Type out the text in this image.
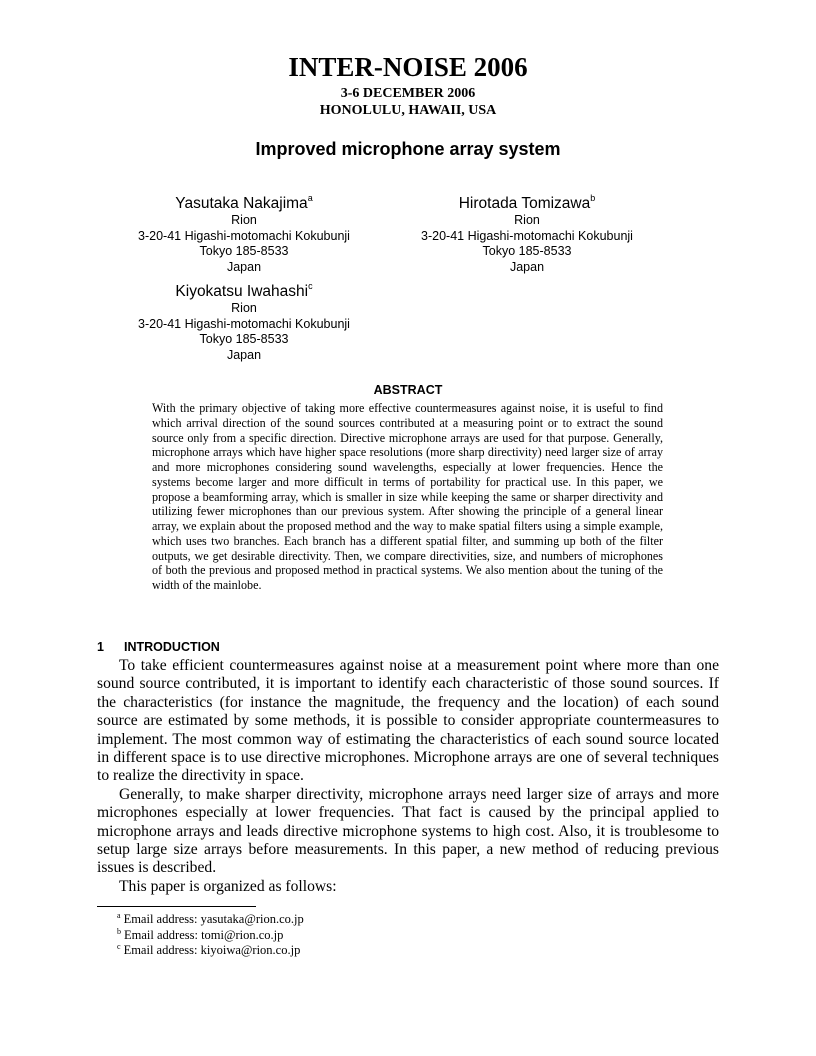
INTER-NOISE 2006
3-6 DECEMBER 2006
HONOLULU, HAWAII, USA
Improved microphone array system
Yasutaka Nakajima$^a$
Rion
3-20-41 Higashi-motomachi Kokubunji
Tokyo 185-8533
Japan
Hirotada Tomizawa$^b$
Rion
3-20-41 Higashi-motomachi Kokubunji
Tokyo 185-8533
Japan
Kiyokatsu Iwahashi$^c$
Rion
3-20-41 Higashi-motomachi Kokubunji
Tokyo 185-8533
Japan
ABSTRACT
With the primary objective of taking more effective countermeasures against noise, it is useful to find which arrival direction of the sound sources contributed at a measuring point or to extract the sound source only from a specific direction. Directive microphone arrays are used for that purpose. Generally, microphone arrays which have higher space resolutions (more sharp directivity) need larger size of array and more microphones considering sound wavelengths, especially at lower frequencies. Hence the systems become larger and more difficult in terms of portability for practical use. In this paper, we propose a beamforming array, which is smaller in size while keeping the same or sharper directivity and utilizing fewer microphones than our previous system. After showing the principle of a general linear array, we explain about the proposed method and the way to make spatial filters using a simple example, which uses two branches. Each branch has a different spatial filter, and summing up both of the filter outputs, we get desirable directivity. Then, we compare directivities, size, and numbers of microphones of both the previous and proposed method in practical systems. We also mention about the tuning of the width of the mainlobe.
1 INTRODUCTION

To take efficient countermeasures against noise at a measurement point where more than one sound source contributed, it is important to identify each characteristic of those sound sources. If the characteristics (for instance the magnitude, the frequency and the location) of each sound source are estimated by some methods, it is possible to consider appropriate countermeasures to implement. The most common way of estimating the characteristics of each sound source located in different space is to use directive microphones. Microphone arrays are one of several techniques to realize the directivity in space.

Generally, to make sharper directivity, microphone arrays need larger size of arrays and more microphones especially at lower frequencies. That fact is caused by the principal applied to microphone arrays and leads directive microphone systems to high cost. Also, it is troublesome to setup large size arrays before measurements. In this paper, a new method of reducing previous issues is described.

This paper is organized as follows:

$^a$ Email address: yasutaka@rion.co.jp
$^b$ Email address: tomi@rion.co.jp
$^c$ Email address: kiyoiwa@rion.co.jp
